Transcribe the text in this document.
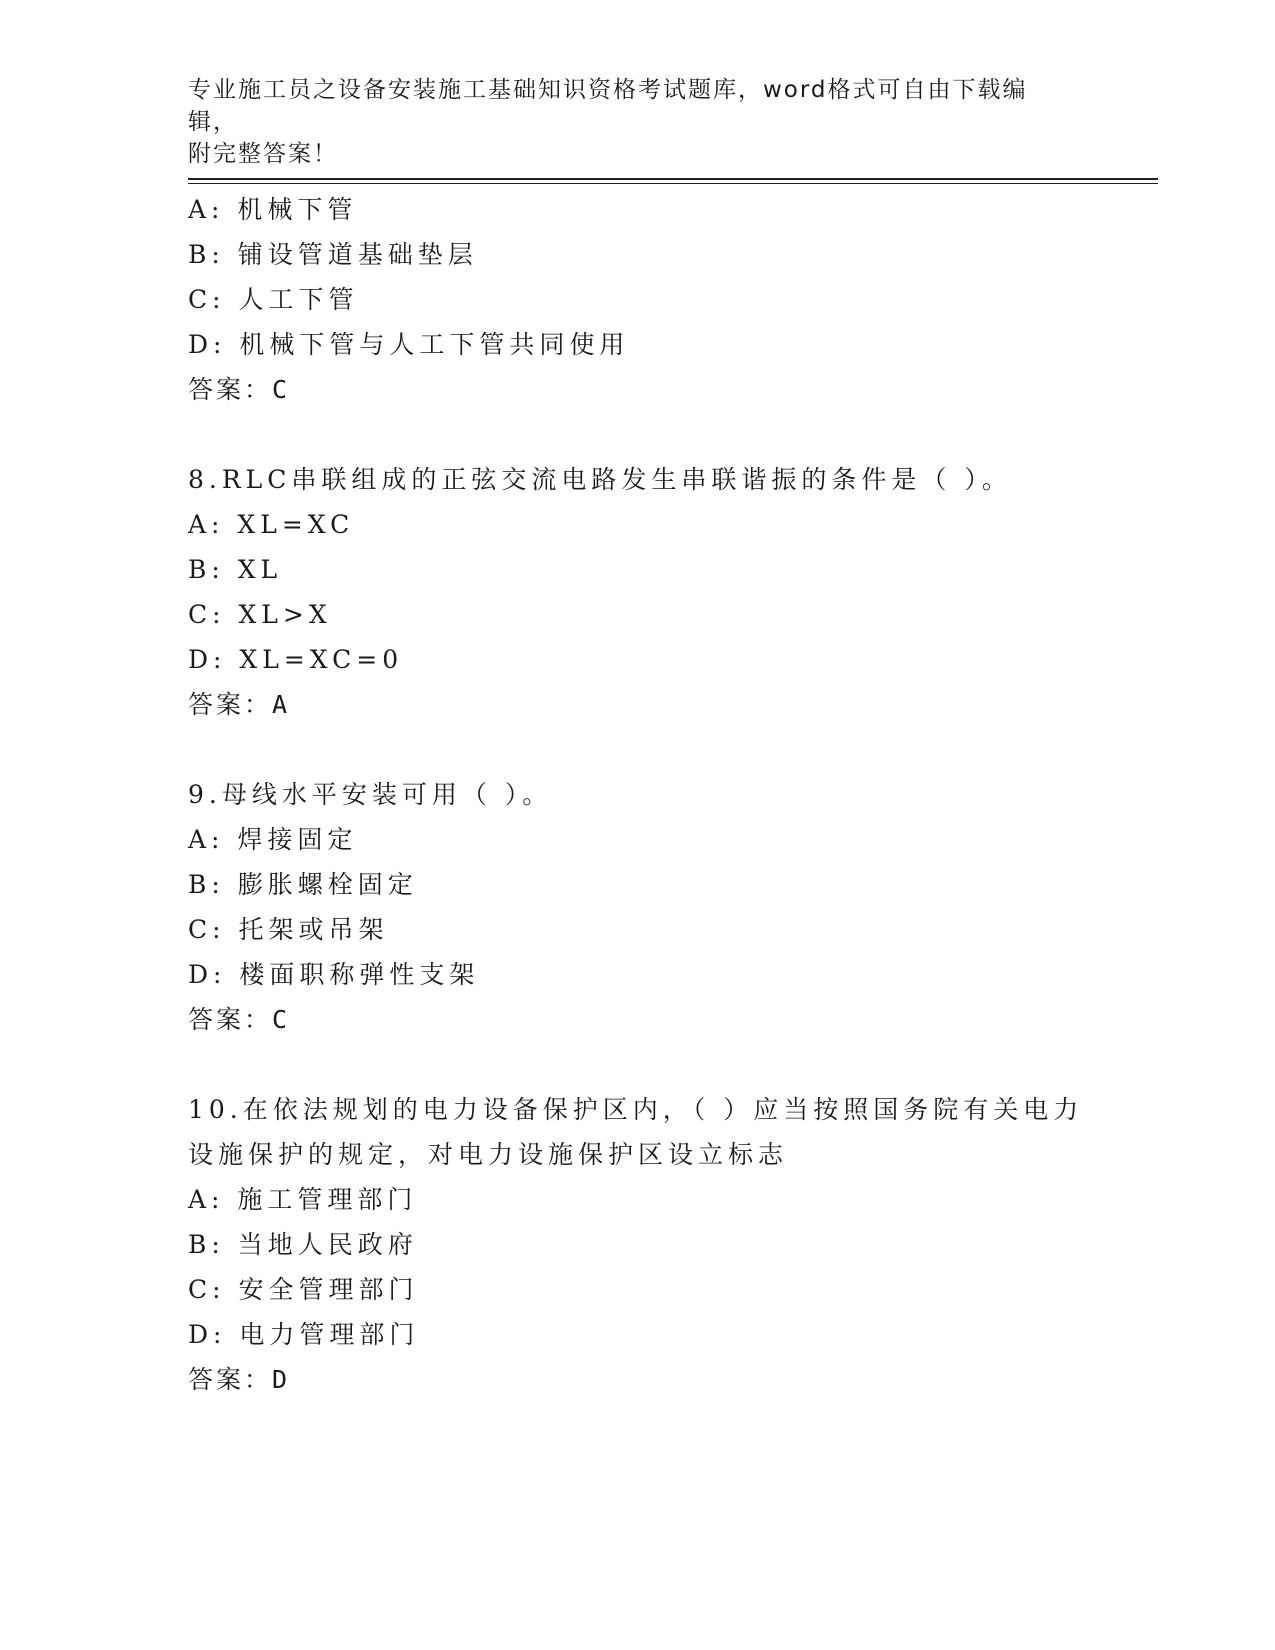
专业施工员之设备安装施工基础知识资格考试题库，word格式可自由下载编辑，
附完整答案！
A: 机械下管
B: 铺设管道基础垫层
C: 人工下管
D: 机械下管与人工下管共同使用
答案：C
8.RLC串联组成的正弦交流电路发生串联谐振的条件是（ ）。
A: XL=XC
B: XL
C: XL>X
D: XL=XC=0
答案：A
9.母线水平安装可用（ ）。
A: 焊接固定
B: 膨胀螺栓固定
C: 托架或吊架
D: 楼面职称弹性支架
答案：C
10.在依法规划的电力设备保护区内，（ ）应当按照国务院有关电力
设施保护的规定，对电力设施保护区设立标志
A: 施工管理部门
B: 当地人民政府
C: 安全管理部门
D: 电力管理部门
答案：D
